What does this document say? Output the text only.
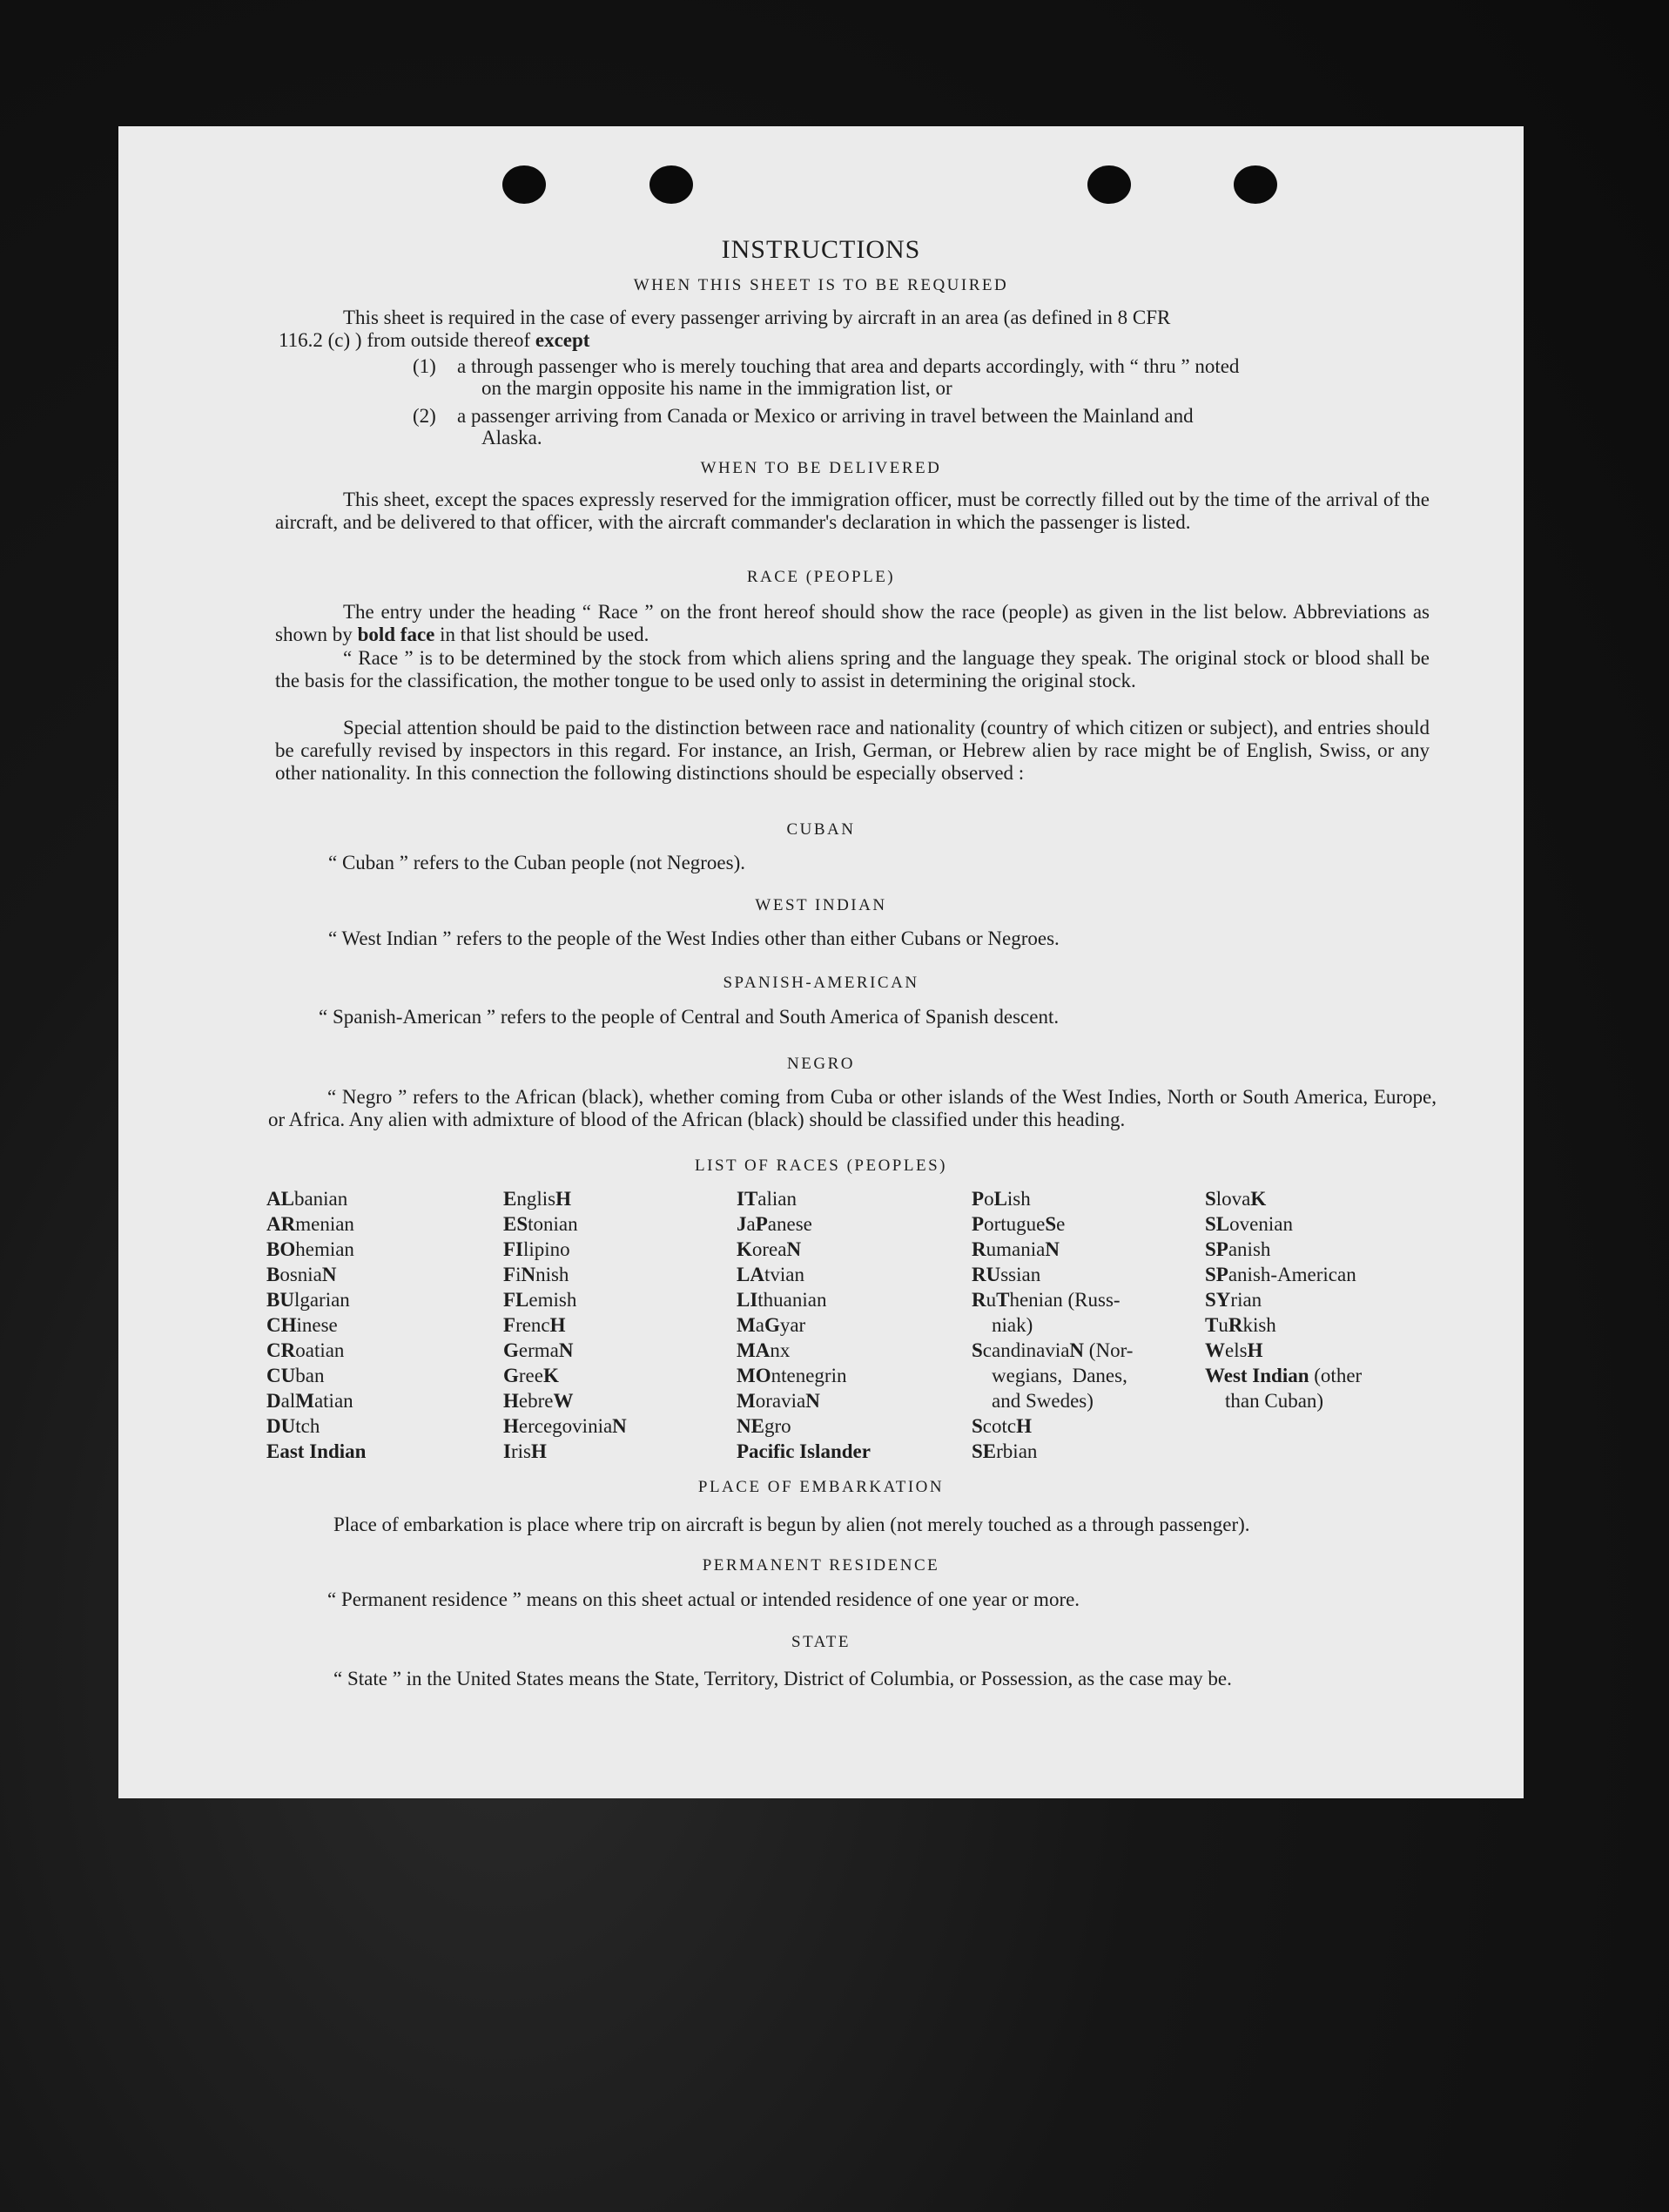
INSTRUCTIONS
WHEN THIS SHEET IS TO BE REQUIRED
This sheet is required in the case of every passenger arriving by aircraft in an area (as defined in 8 CFR
116.2 (c) ) from outside thereof except
(1)	a through passenger who is merely touching that area and departs accordingly, with “ thru ” noted
on the margin opposite his name in the immigration list, or
(2)	a passenger arriving from Canada or Mexico or arriving in travel between the Mainland and
Alaska.
WHEN TO BE DELIVERED
This sheet, except the spaces expressly reserved for the immigration officer, must be correctly filled out by the time of the arrival of the aircraft, and be delivered to that officer, with the aircraft commander's declaration in which the passenger is listed.
RACE (PEOPLE)
The entry under the heading “ Race ” on the front hereof should show the race (people) as given in the list below. Abbreviations as shown by bold face in that list should be used.
“ Race ” is to be determined by the stock from which aliens spring and the language they speak. The original stock or blood shall be the basis for the classification, the mother tongue to be used only to assist in determining the original stock.
Special attention should be paid to the distinction between race and nationality (country of which citizen or subject), and entries should be carefully revised by inspectors in this regard. For instance, an Irish, German, or Hebrew alien by race might be of English, Swiss, or any other nationality. In this connection the following distinctions should be especially observed :
CUBAN
“ Cuban ” refers to the Cuban people (not Negroes).
WEST INDIAN
“ West Indian ” refers to the people of the West Indies other than either Cubans or Negroes.
SPANISH-AMERICAN
“ Spanish-American ” refers to the people of Central and South America of Spanish descent.
NEGRO
“ Negro ” refers to the African (black), whether coming from Cuba or other islands of the West Indies, North or South America, Europe, or Africa. Any alien with admixture of blood of the African (black) should be classified under this heading.
LIST OF RACES (PEOPLES)
ALbanian
ARmenian
BOhemian
BosniaN
BUlgarian
CHinese
CRoatian
CUban
DalMatian
DUtch
East Indian
EnglisH
EStonian
FIlipino
FiNnish
FLemish
FrencH
GermaN
GreeK
HebreW
HercegoviniaN
IrisH
ITalian
JaPanese
KoreaN
LAtvian
LIthuanian
MaGyar
MAnx
MOntenegrin
MoraviaN
NEgro
Pacific Islander
PoLish
PortugueSe
RumaniaN
RUssian
RuThenian (Russ-
niak)
ScandinaviaN (Nor-
wegians,  Danes,
and Swedes)
ScotcH
SErbian
SlovaK
SLovenian
SPanish
SPanish-American
SYrian
TuRkish
WelsH
West Indian (other
than Cuban)
PLACE OF EMBARKATION
Place of embarkation is place where trip on aircraft is begun by alien (not merely touched as a through passenger).
PERMANENT RESIDENCE
“ Permanent residence ” means on this sheet actual or intended residence of one year or more.
STATE
“ State ” in the United States means the State, Territory, District of Columbia, or Possession, as the case may be.
